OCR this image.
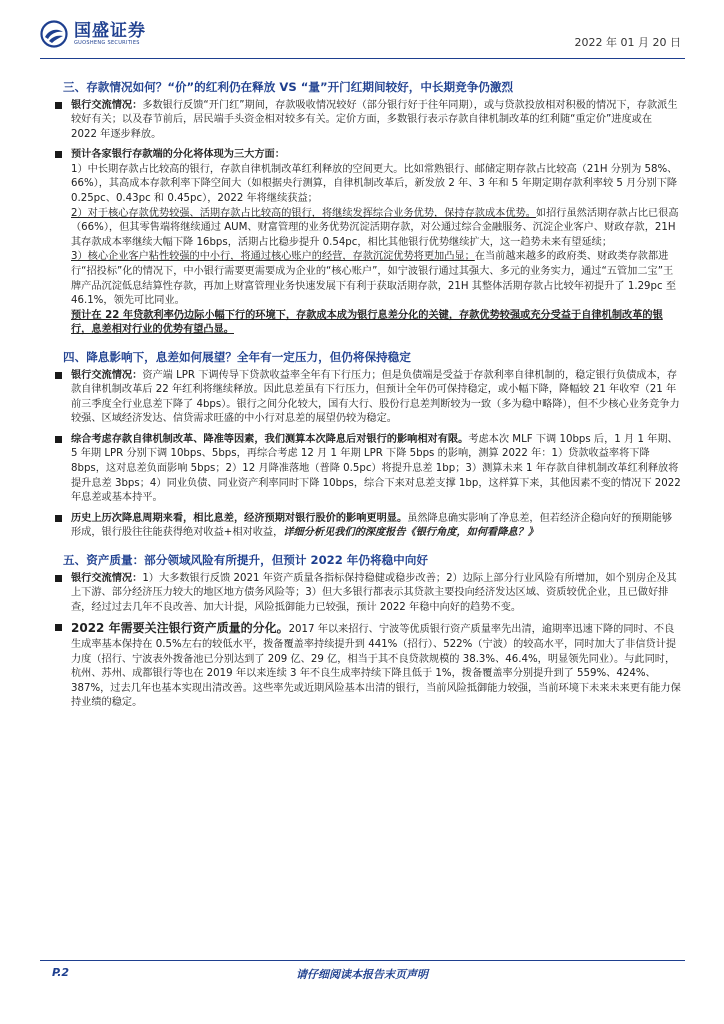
国盛证券
GUOSHENG SECURITIES	2022 年 01 月 20 日
三、存款情况如何？“价”的红利仍在释放 VS “量”开门红期间较好，中长期竞争仍激烈
银行交流情况：多数银行反馈“开门红”期间，存款吸收情况较好（部分银行好于往年同期），或与贷款投放相对积极的情况下，存款派生较好有关；以及春节前后，居民端手头资金相对较多有关。定价方面，多数银行表示存款自律机制改革的红利随“重定价”进度或在 2022 年逐步释放。
预计各家银行存款端的分化将体现为三大方面：
1）中长期存款占比较高的银行，存款自律机制改革红利释放的空间更大。比如常熟银行、邮储定期存款占比较高（21H 分别为 58%、66%），其高成本存款利率下降空间大（如根据央行测算，自律机制改革后，新发放 2 年、3 年和 5 年期定期存款利率较 5 月分别下降 0.25pc、0.43pc 和 0.45pc），2022 年将继续获益；
2）对于核心存款优势较强、活期存款占比较高的银行，将继续发挥综合业务优势，保持存款成本优势。如招行虽然活期存款占比已很高（66%），但其零售端将继续通过 AUM、财富管理的业务优势沉淀活期存款，对公通过综合金融服务、沉淀企业客户、财政存款，21H 其存款成本率继续大幅下降 16bps，活期占比稳步提升 0.54pc，相比其他银行优势继续扩大，这一趋势未来有望延续；
3）核心企业客户粘性较强的中小行，将通过核心账户的经营，存款沉淀优势将更加凸显；在当前越来越多的政府类、财政类存款都进行“招投标”化的情况下，中小银行需要更需要成为企业的“核心账户”，如宁波银行通过其强大、多元的业务实力，通过“五管加二宝”王牌产品沉淀低息结算性存款，再加上财富管理业务快速发展下有利于获取活期存款，21H 其整体活期存款占比较年初提升了 1.29pc 至 46.1%，领先可比同业。
预计在 22 年贷款利率仍边际小幅下行的环境下，存款成本成为银行息差分化的关键，存款优势较强或充分受益于自律机制改革的银行，息差相对行业的优势有望凸显。
四、降息影响下，息差如何展望？全年有一定压力，但仍将保持稳定
银行交流情况：资产端 LPR 下调传导下贷款收益率全年有下行压力；但是负债端是受益于存款利率自律机制的，稳定银行负债成本，存款自律机制改革后 22 年红利将继续释放。因此息差虽有下行压力，但预计全年仍可保持稳定，或小幅下降，降幅较 21 年收窄（21 年前三季度全行业息差下降了 4bps）。银行之间分化较大，国有大行、股份行息差判断较为一致（多为稳中略降），但不少核心业务竞争力较强、区域经济发达、信贷需求旺盛的中小行对息差的展望仍较为稳定。
综合考虑存款自律机制改革、降准等因素，我们测算本次降息后对银行的影响相对有限。考虑本次 MLF 下调 10bps 后，1 月 1 年期、5 年期 LPR 分别下调 10bps、5bps，再综合考虑 12 月 1 年期 LPR 下降 5bps 的影响，测算 2022 年：1）贷款收益率将下降 8bps，这对息差负面影响 5bps；2）12 月降准落地（普降 0.5pc）将提升息差 1bp；3）测算未来 1 年存款自律机制改革红利释放将提升息差 3bps；4）同业负债、同业资产利率同时下降 10bps，综合下来对息差支撑 1bp，这样算下来，其他因素不变的情况下 2022 年息差或基本持平。
历史上历次降息周期来看，相比息差，经济预期对银行股价的影响更明显。虽然降息确实影响了净息差，但若经济企稳向好的预期能够形成，银行股往往能获得绝对收益+相对收益，详细分析见我们的深度报告《银行角度，如何看降息？》
五、资产质量：部分领域风险有所提升，但预计 2022 年仍将稳中向好
银行交流情况：1）大多数银行反馈 2021 年资产质量各指标保持稳健或稳步改善；2）边际上部分行业风险有所增加，如个别房企及其上下游、部分经济压力较大的地区地方债务风险等；3）但大多银行都表示其贷款主要投向经济发达区域、资质较优企业，且已做好排查，经过过去几年不良改善、加大计提，风险抵御能力已较强，预计 2022 年稳中向好的趋势不变。
2022 年需要关注银行资产质量的分化。2017 年以来招行、宁波等优质银行资产质量率先出清，逾期率迅速下降的同时、不良生成率基本保持在 0.5%左右的较低水平，拨备覆盖率持续提升到 441%（招行）、522%（宁波）的较高水平，同时加大了非信贷计提力度（招行、宁波表外拨备池已分别达到了 209 亿、29 亿，相当于其不良贷款规模的 38.3%、46.4%，明显领先同业）。与此同时，杭州、苏州、成都银行等也在 2019 年以来连续 3 年不良生成率持续下降且低于 1%，拨备覆盖率分别提升到了 559%、424%、387%，过去几年也基本实现出清改善。这些率先或近期风险基本出清的银行，当前风险抵御能力较强，当前环境下未来未来更有能力保持业绩的稳定。
请仔细阅读本报告末页声明
P.2
